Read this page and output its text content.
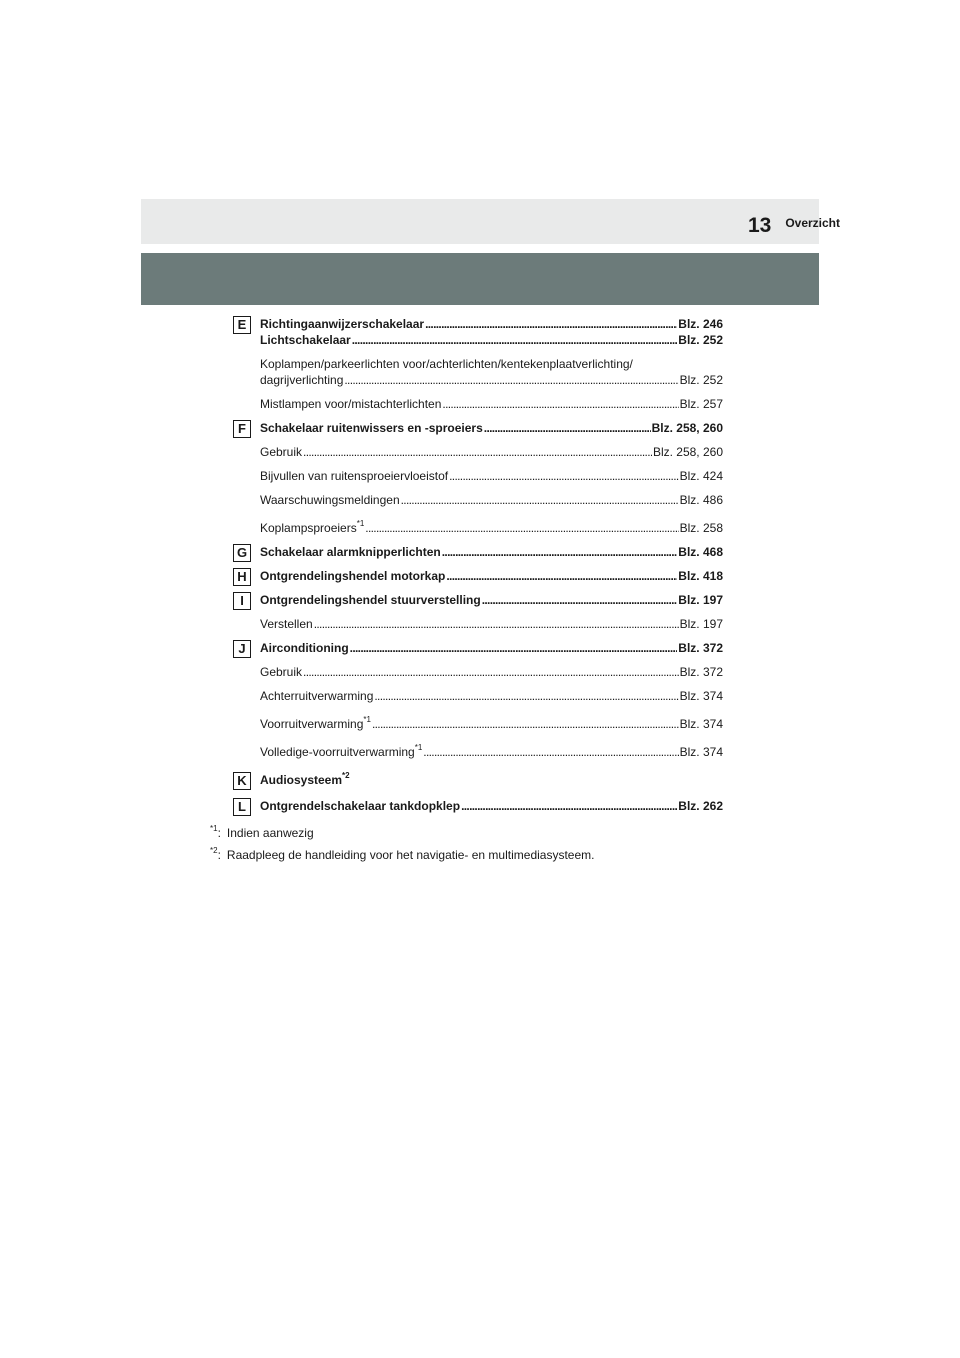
Overzicht
13
E	Richtingaanwijzerschakelaar . . .	Blz. 246
Lichtschakelaar . . .	Blz. 252
Koplampen/parkeerlichten voor/achterlichten/kentekenplaatverlichting/
dagrijverlichting . . .	Blz. 252
Mistlampen voor/mistachterlichten . . .	Blz. 257
F	Schakelaar ruitenwissers en -sproeiers . . .	Blz. 258, 260
Gebruik . . .	Blz. 258, 260
Bijvullen van ruitensproeiervloeistof . . .	Blz. 424
Waarschuwingsmeldingen . . .	Blz. 486
Koplampsproeiers$^{*1}$ . . .	Blz. 258
G	Schakelaar alarmknipperlichten . . .	Blz. 468
H	Ontgrendelingshendel motorkap . . .	Blz. 418
I	Ontgrendelingshendel stuurverstelling . . .	Blz. 197
Verstellen . . .	Blz. 197
J	Airconditioning . . .	Blz. 372
Gebruik . . .	Blz. 372
Achterruitverwarming . . .	Blz. 374
Voorruitverwarming$^{*1}$ . . .	Blz. 374
Volledige-voorruitverwarming$^{*1}$ . . .	Blz. 374
K	Audiosysteem$^{*2}$
L	Ontgrendelschakelaar tankdopklep . . .	Blz. 262
$^{*1}$: Indien aanwezig
$^{*2}$: Raadpleeg de handleiding voor het navigatie- en multimediasysteem.
